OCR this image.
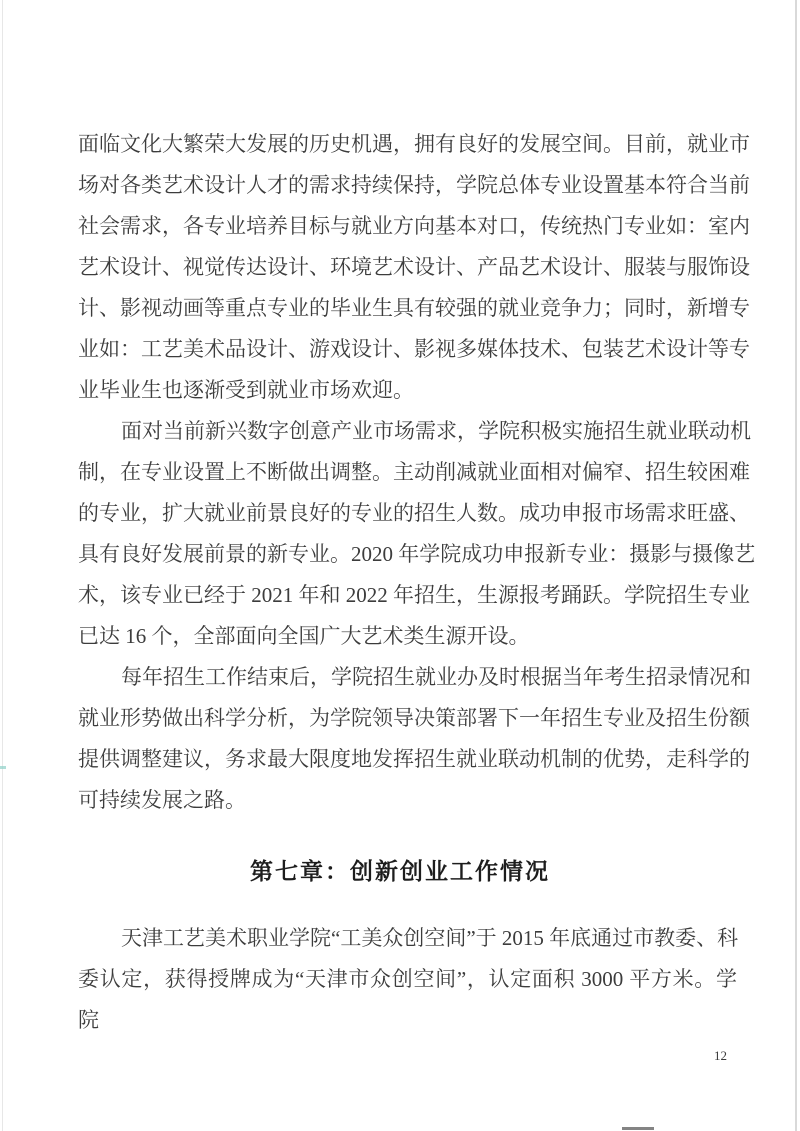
面临文化大繁荣大发展的历史机遇，拥有良好的发展空间。目前，就业市
场对各类艺术设计人才的需求持续保持，学院总体专业设置基本符合当前
社会需求，各专业培养目标与就业方向基本对口，传统热门专业如：室内
艺术设计、视觉传达设计、环境艺术设计、产品艺术设计、服装与服饰设
计、影视动画等重点专业的毕业生具有较强的就业竞争力；同时，新增专
业如：工艺美术品设计、游戏设计、影视多媒体技术、包装艺术设计等专
业毕业生也逐渐受到就业市场欢迎。
面对当前新兴数字创意产业市场需求，学院积极实施招生就业联动机
制，在专业设置上不断做出调整。主动削减就业面相对偏窄、招生较困难
的专业，扩大就业前景良好的专业的招生人数。成功申报市场需求旺盛、
具有良好发展前景的新专业。2020 年学院成功申报新专业：摄影与摄像艺
术，该专业已经于 2021 年和 2022 年招生，生源报考踊跃。学院招生专业
已达 16 个，全部面向全国广大艺术类生源开设。
每年招生工作结束后，学院招生就业办及时根据当年考生招录情况和
就业形势做出科学分析，为学院领导决策部署下一年招生专业及招生份额
提供调整建议，务求最大限度地发挥招生就业联动机制的优势，走科学的
可持续发展之路。
第七章：创新创业工作情况
天津工艺美术职业学院“工美众创空间”于 2015 年底通过市教委、科
委认定，获得授牌成为“天津市众创空间”，认定面积 3000 平方米。学院
12
